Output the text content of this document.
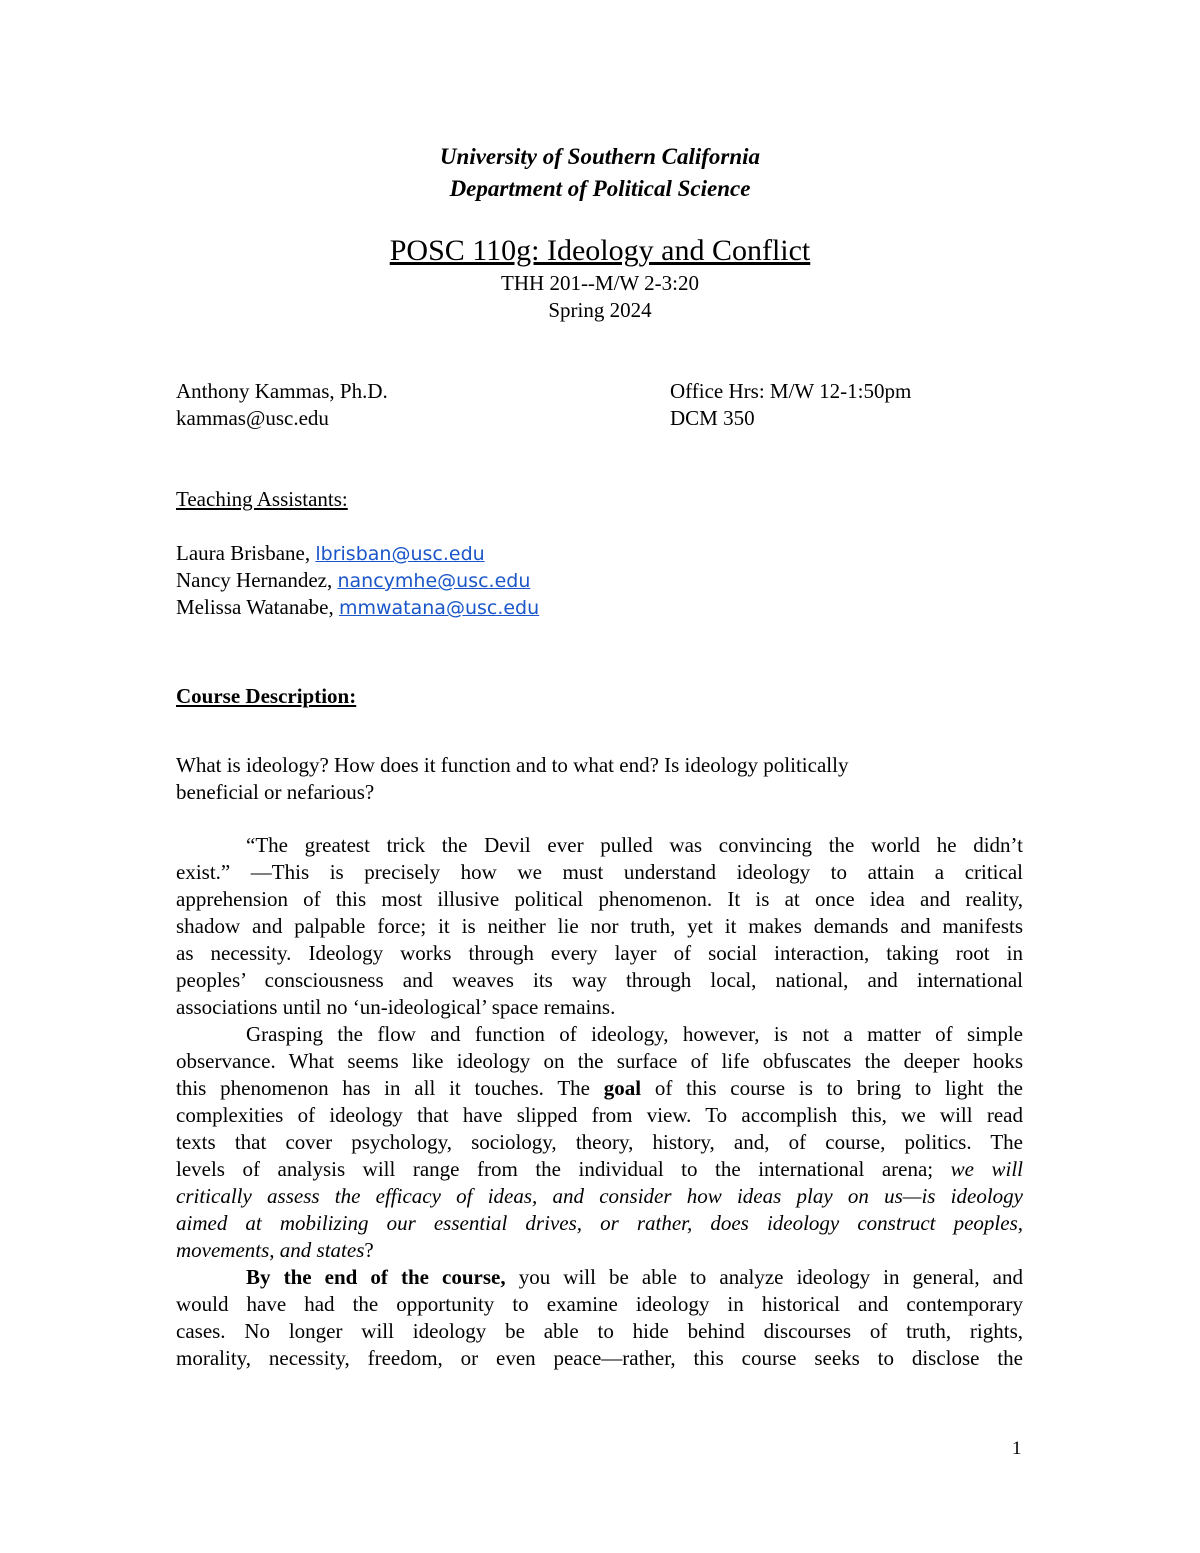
University of Southern California

Department of Political Science

POSC 110g: Ideology and Conflict

THH 201--M/W 2-3:20

Spring 2024

Anthony Kammas, Ph.D.

kammas@usc.edu

Office Hrs: M/W 12-1:50pm

DCM 350

Teaching Assistants:

Laura Brisbane, lbrisban@usc.edu

Nancy Hernandez, nancymhe@usc.edu

Melissa Watanabe, mmwatana@usc.edu

Course Description:

What is ideology? How does it function and to what end? Is ideology politically
beneficial or nefarious?
“The greatest trick the Devil ever pulled was convincing the world he didn’t
exist.” —This is precisely how we must understand ideology to attain a critical
apprehension of this most illusive political phenomenon. It is at once idea and reality,
shadow and palpable force; it is neither lie nor truth, yet it makes demands and manifests
as necessity. Ideology works through every layer of social interaction, taking root in
peoples’ consciousness and weaves its way through local, national, and international
associations until no ‘un-ideological’ space remains.
Grasping the flow and function of ideology, however, is not a matter of simple
observance. What seems like ideology on the surface of life obfuscates the deeper hooks
this phenomenon has in all it touches. The goal of this course is to bring to light the
complexities of ideology that have slipped from view. To accomplish this, we will read
texts that cover psychology, sociology, theory, history, and, of course, politics. The
levels of analysis will range from the individual to the international arena; we will
critically assess the efficacy of ideas, and consider how ideas play on us—is ideology
aimed at mobilizing our essential drives, or rather, does ideology construct peoples,
movements, and states?
By the end of the course, you will be able to analyze ideology in general, and
would have had the opportunity to examine ideology in historical and contemporary
cases. No longer will ideology be able to hide behind discourses of truth, rights,
morality, necessity, freedom, or even peace—rather, this course seeks to disclose the

1
